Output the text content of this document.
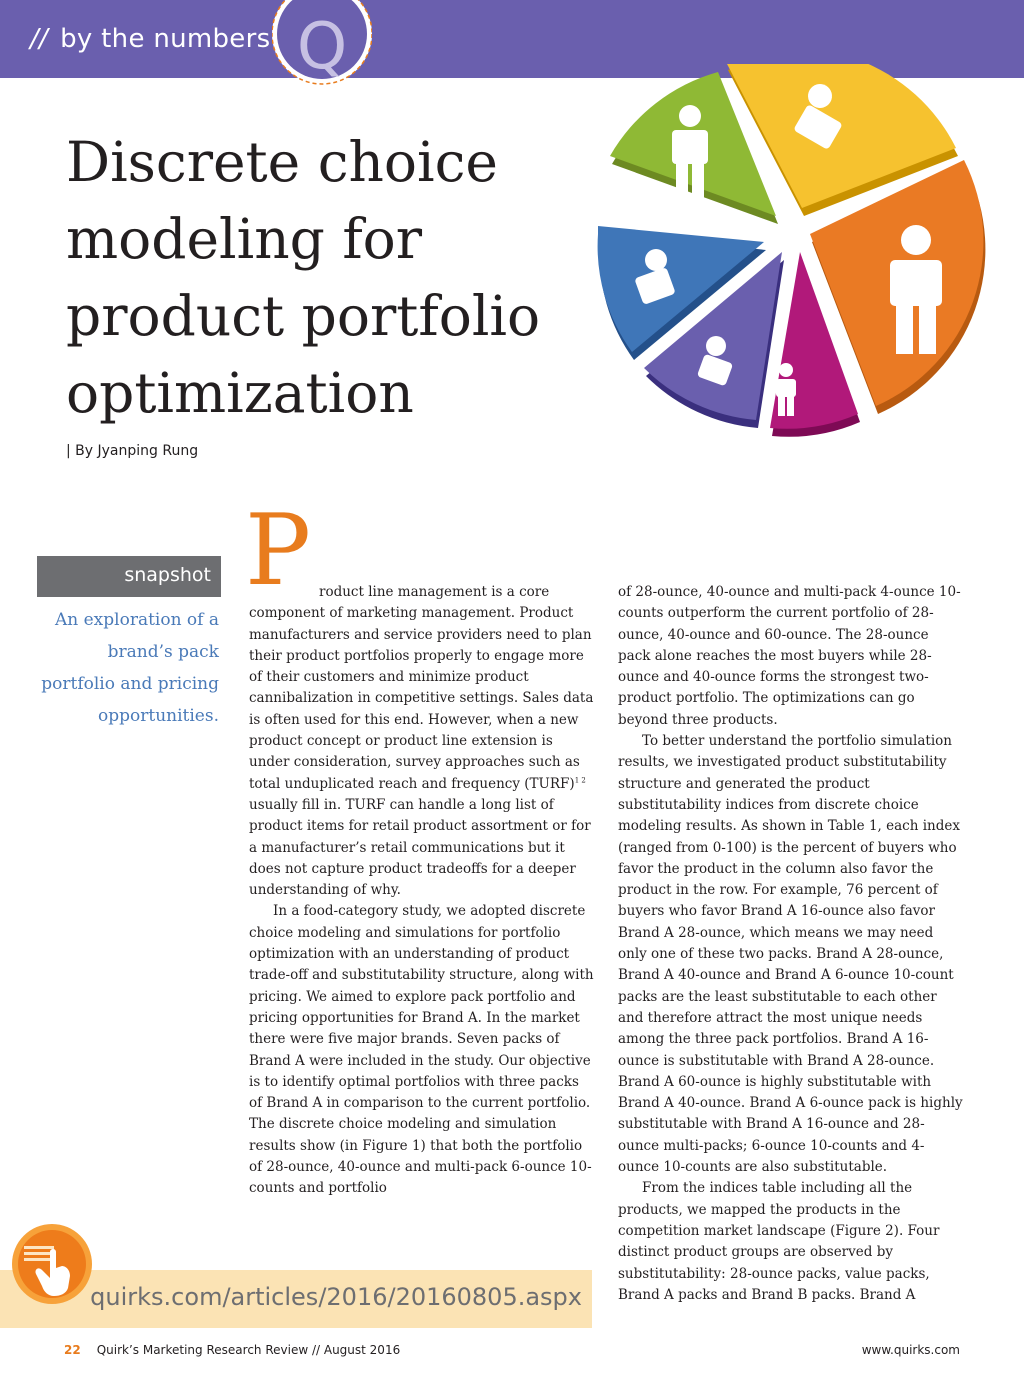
// by the numbers Q
Discrete choice
modeling for
product portfolio
optimization
| By Jyanping Rung
snapshot
An exploration of a brand’s pack portfolio and pricing opportunities.
P roduct line management is a core
component of marketing management. Product manufacturers and service providers need to plan their product portfolios properly to engage more of their customers and minimize product cannibalization in competitive settings. Sales data is often used for this end. However, when a new product concept or product line extension is under consideration, survey approaches such as total unduplicated reach and frequency (TURF)$^{1 2}$ usually fill in. TURF can handle a long list of product items for retail product assortment or for a manufacturer’s retail communications but it does not capture product tradeoffs for a deeper understanding of why.

In a food-category study, we adopted discrete choice modeling and simulations for portfolio optimization with an understanding of product trade-off and substitutability structure, along with pricing. We aimed to explore pack portfolio and pricing opportunities for Brand A. In the market there were five major brands. Seven packs of Brand A were included in the study. Our objective is to identify optimal portfolios with three packs of Brand A in comparison to the current portfolio. The discrete choice modeling and simulation results show (in Figure 1) that both the portfolio of 28-ounce, 40-ounce and multi-pack 6-ounce 10-counts and portfolio

of 28-ounce, 40-ounce and multi-pack 4-ounce 10-counts outperform the current portfolio of 28-ounce, 40-ounce and 60-ounce. The 28-ounce pack alone reaches the most buyers while 28-ounce and 40-ounce forms the strongest two-product portfolio. The optimizations can go beyond three products.

To better understand the portfolio simulation results, we investigated product substitutability structure and generated the product substitutability indices from discrete choice modeling results. As shown in Table 1, each index (ranged from 0-100) is the percent of buyers who favor the product in the column also favor the product in the row. For example, 76 percent of buyers who favor Brand A 16-ounce also favor Brand A 28-ounce, which means we may need only one of these two packs. Brand A 28-ounce, Brand A 40-ounce and Brand A 6-ounce 10-count packs are the least substitutable to each other and therefore attract the most unique needs among the three pack portfolios. Brand A 16-ounce is substitutable with Brand A 28-ounce. Brand A 60-ounce is highly substitutable with Brand A 40-ounce. Brand A 6-ounce pack is highly substitutable with Brand A 16-ounce and 28-ounce multi-packs; 6-ounce 10-counts and 4-ounce 10-counts are also substitutable.

From the indices table including all the products, we mapped the products in the competition market landscape (Figure 2). Four distinct product groups are observed by substitutability: 28-ounce packs, value packs, Brand A packs and Brand B packs. Brand A

quirks.com/articles/2016/20160805.aspx
22 Quirk’s Marketing Research Review // August 2016	www.quirks.com
